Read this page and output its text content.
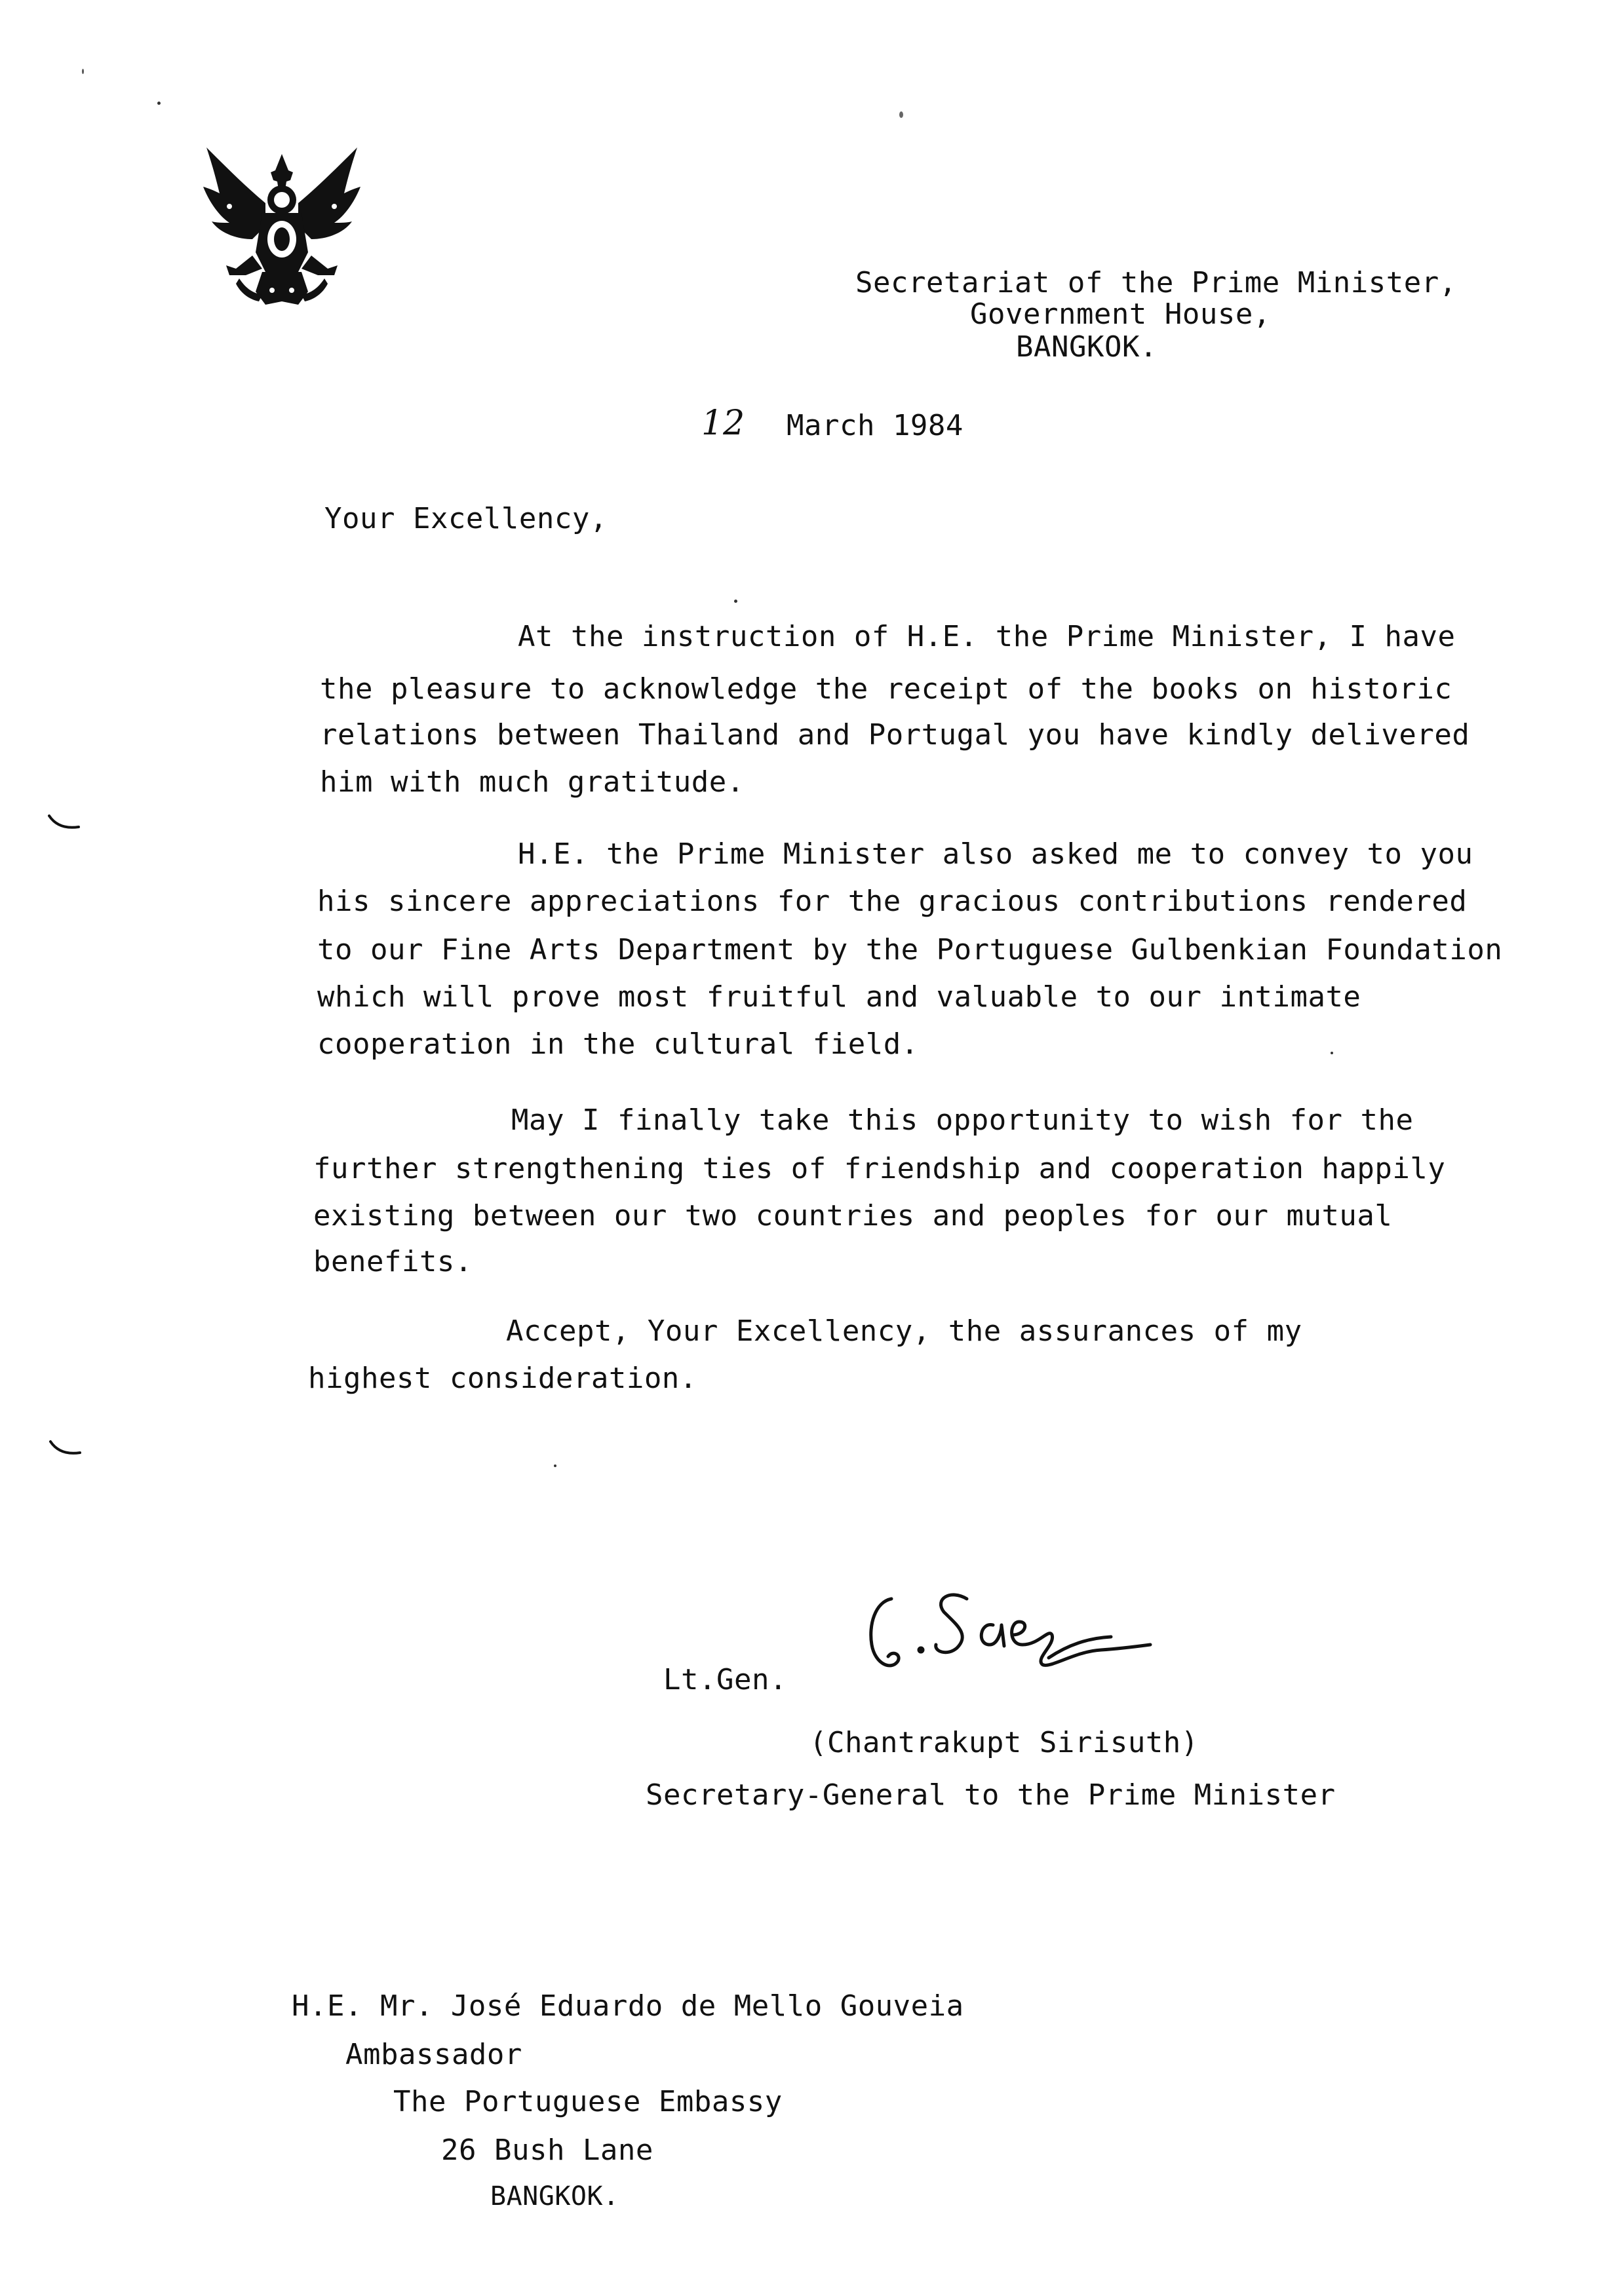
Secretariat of the Prime Minister,
Government House,
BANGKOK.
12 March 1984
Your Excellency,
At the instruction of H.E. the Prime Minister, I have
the pleasure to acknowledge the receipt of the books on historic
relations between Thailand and Portugal you have kindly delivered
him with much gratitude.
H.E. the Prime Minister also asked me to convey to you
his sincere appreciations for the gracious contributions rendered
to our Fine Arts Department by the Portuguese Gulbenkian Foundation
which will prove most fruitful and valuable to our intimate
cooperation in the cultural field.
May I finally take this opportunity to wish for the
further strengthening ties of friendship and cooperation happily
existing between our two countries and peoples for our mutual
benefits.
Accept, Your Excellency, the assurances of my
highest consideration.
Lt.Gen.
(Chantrakupt Sirisuth)
Secretary-General to the Prime Minister
H.E. Mr. José Eduardo de Mello Gouveia
Ambassador
The Portuguese Embassy
26 Bush Lane
BANGKOK.
